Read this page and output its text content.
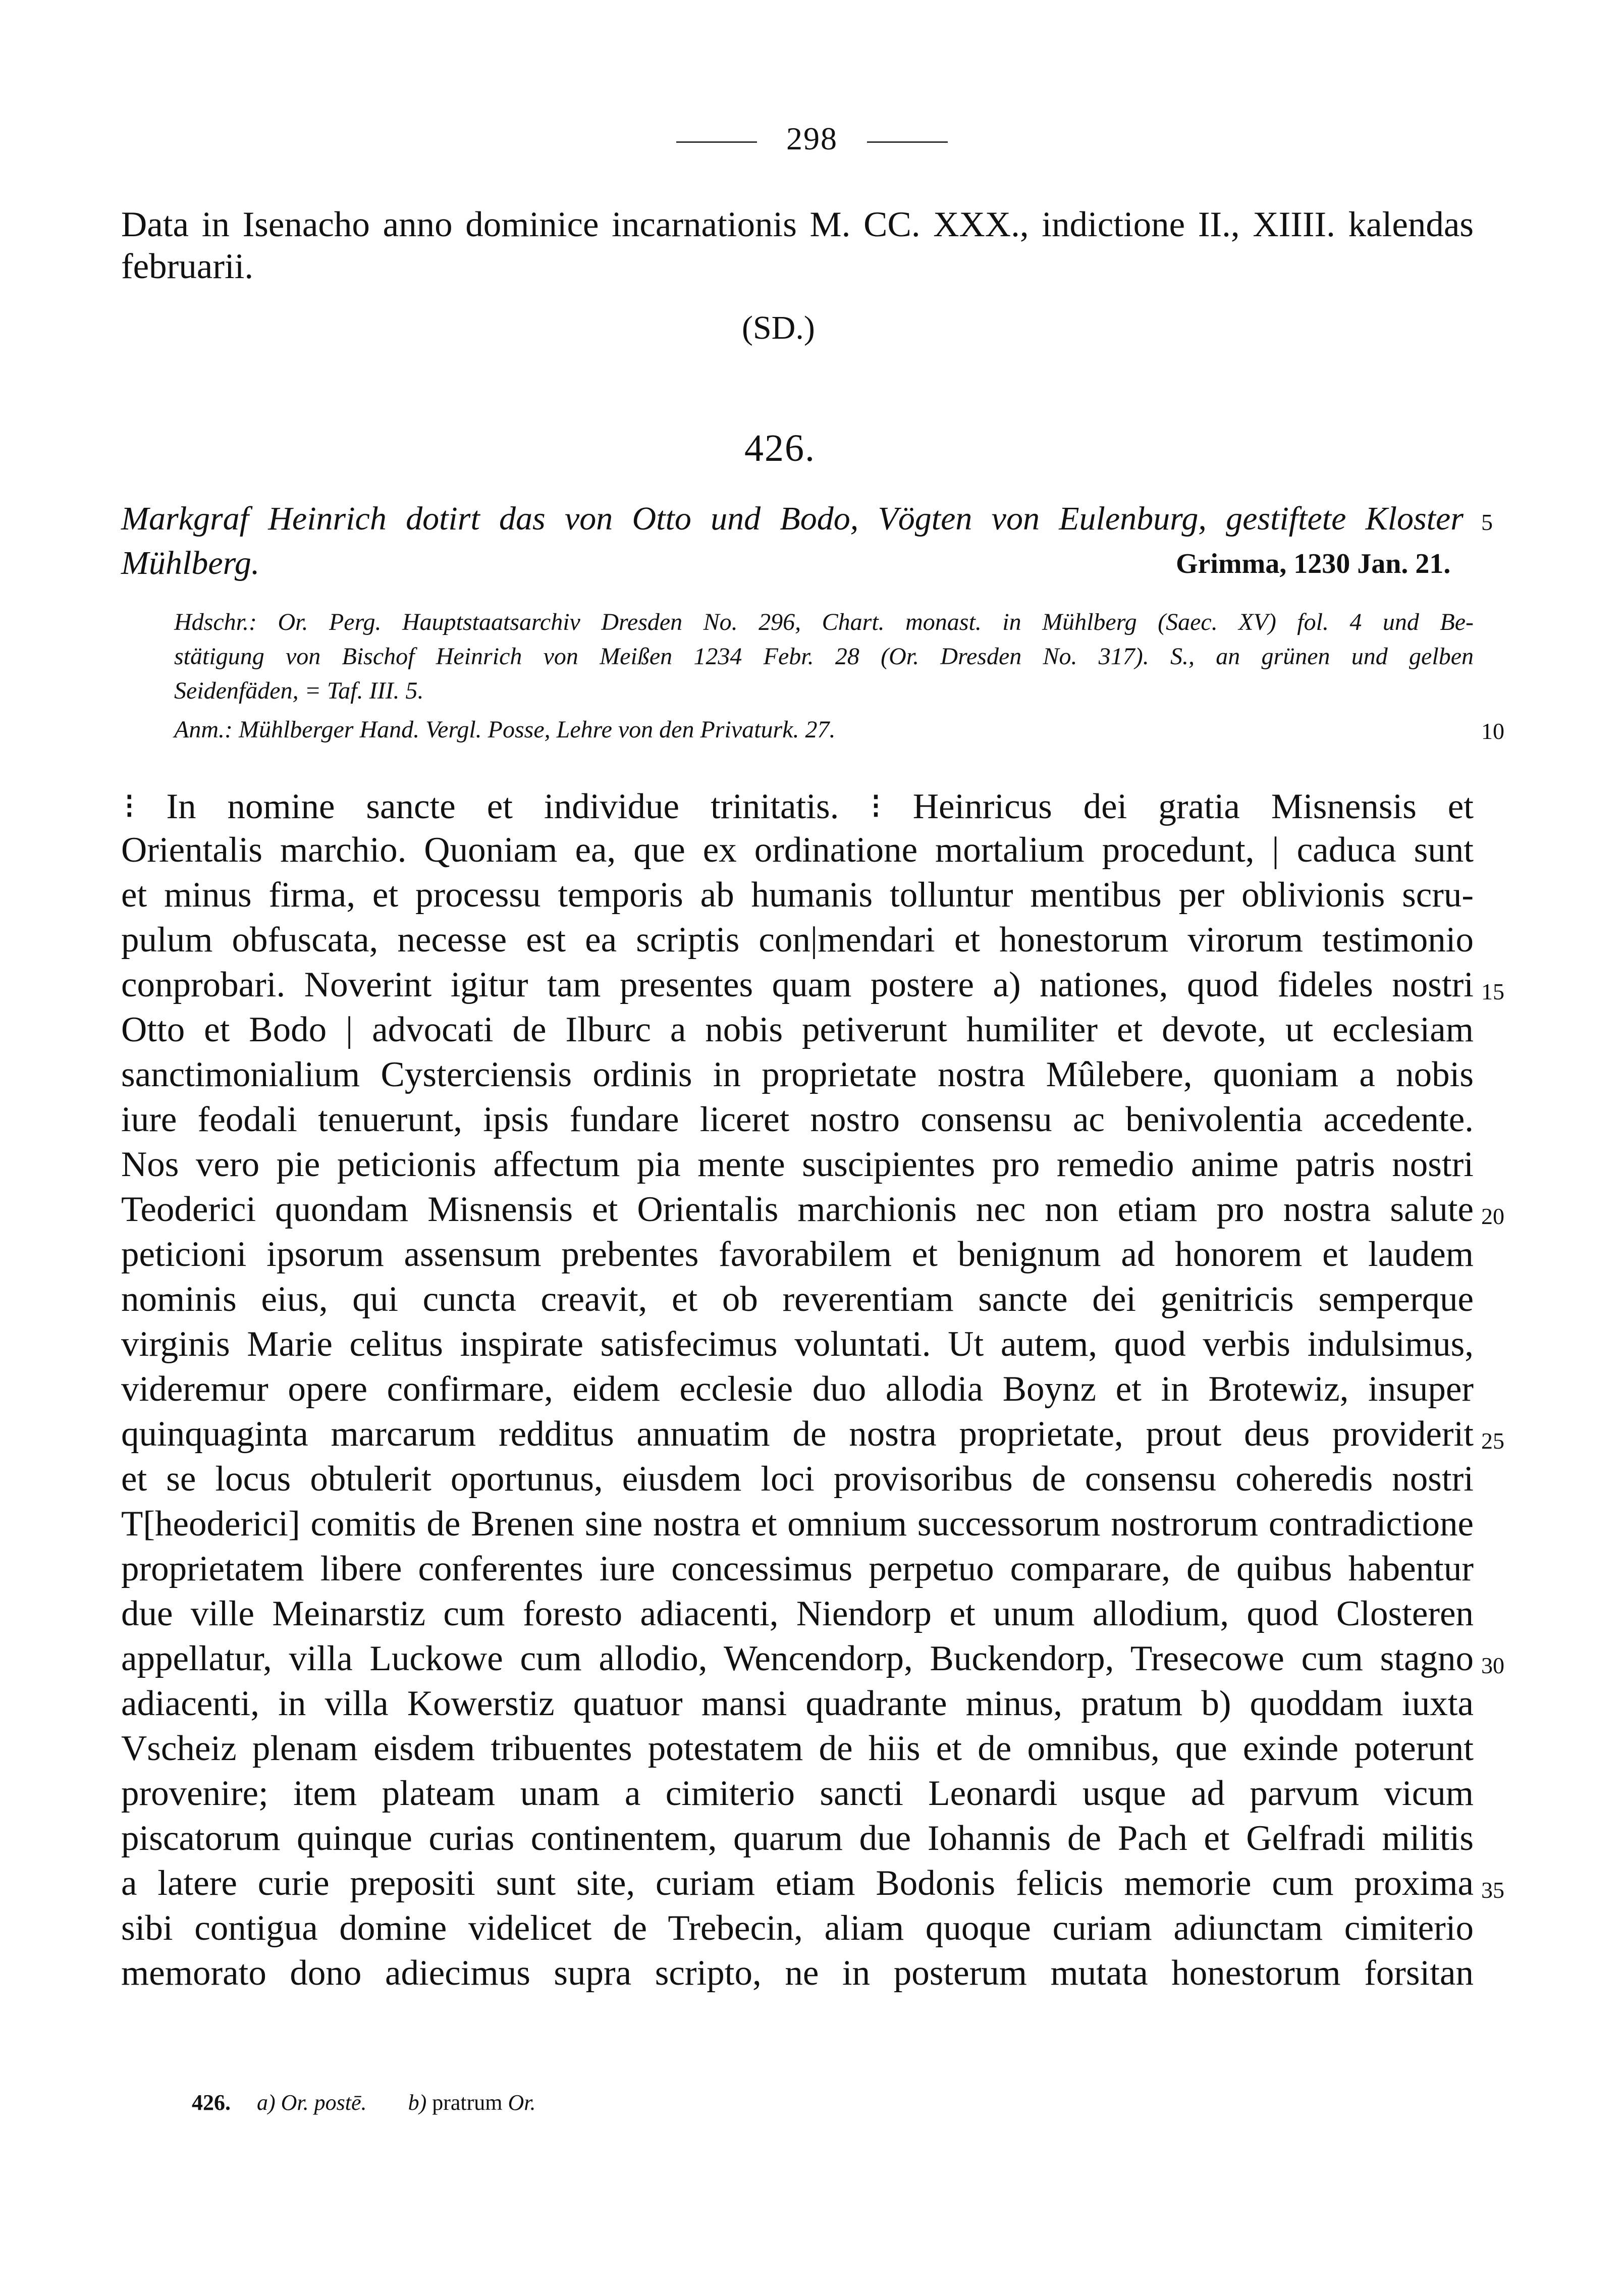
298
Data in Isenacho anno dominice incarnationis M. CC. XXX., indictione II., XIIII. kalendas
februarii.
(SD.)
426.
Markgraf Heinrich dotirt das von Otto und Bodo, Vögten von Eulenburg, gestiftete Kloster 5
Mühlberg.	Grimma, 1230 Jan. 21.
Hdschr.: Or. Perg. Hauptstaatsarchiv Dresden No. 296, Chart. monast. in Mühlberg (Saec. XV) fol. 4 und Be-
stätigung von Bischof Heinrich von Meißen 1234 Febr. 28 (Or. Dresden No. 317). S., an grünen und gelben
Seidenfäden, = Taf. III. 5.
Anm.: Mühlberger Hand. Vergl. Posse, Lehre von den Privaturk. 27.	10
⁝ In nomine sancte et individue trinitatis. ⁝ Heinricus dei gratia Misnensis et
Orientalis marchio. Quoniam ea, que ex ordinatione mortalium procedunt, | caduca sunt
et minus firma, et processu temporis ab humanis tolluntur mentibus per oblivionis scru-
pulum obfuscata, necesse est ea scriptis con|mendari et honestorum virorum testimonio
conprobari. Noverint igitur tam presentes quam postere a) nationes, quod fideles nostri
Otto et Bodo | advocati de Ilburc a nobis petiverunt humiliter et devote, ut ecclesiam
sanctimonialium Cysterciensis ordinis in proprietate nostra Mûlebere, quoniam a nobis
iure feodali tenuerunt, ipsis fundare liceret nostro consensu ac benivolentia accedente.
Nos vero pie peticionis affectum pia mente suscipientes pro remedio anime patris nostri
Teoderici quondam Misnensis et Orientalis marchionis nec non etiam pro nostra salute
peticioni ipsorum assensum prebentes favorabilem et benignum ad honorem et laudem
nominis eius, qui cuncta creavit, et ob reverentiam sancte dei genitricis semperque
virginis Marie celitus inspirate satisfecimus voluntati. Ut autem, quod verbis indulsimus,
videremur opere confirmare, eidem ecclesie duo allodia Boynz et in Brotewiz, insuper
quinquaginta marcarum redditus annuatim de nostra proprietate, prout deus providerit
et se locus obtulerit oportunus, eiusdem loci provisoribus de consensu coheredis nostri
T[heoderici] comitis de Brenen sine nostra et omnium successorum nostrorum contradictione
proprietatem libere conferentes iure concessimus perpetuo comparare, de quibus habentur
due ville Meinarstiz cum foresto adiacenti, Niendorp et unum allodium, quod Closteren
appellatur, villa Luckowe cum allodio, Wencendorp, Buckendorp, Tresecowe cum stagno
adiacenti, in villa Kowerstiz quatuor mansi quadrante minus, pratum b) quoddam iuxta
Vscheiz plenam eisdem tribuentes potestatem de hiis et de omnibus, que exinde poterunt
provenire; item plateam unam a cimiterio sancti Leonardi usque ad parvum vicum
piscatorum quinque curias continentem, quarum due Iohannis de Pach et Gelfradi militis
a latere curie prepositi sunt site, curiam etiam Bodonis felicis memorie cum proxima
sibi contigua domine videlicet de Trebecin, aliam quoque curiam adiunctam cimiterio
memorato dono adiecimus supra scripto, ne in posterum mutata honestorum forsitan
15
20
25
30
35
426. a) Or. postē. b) pratrum Or.
